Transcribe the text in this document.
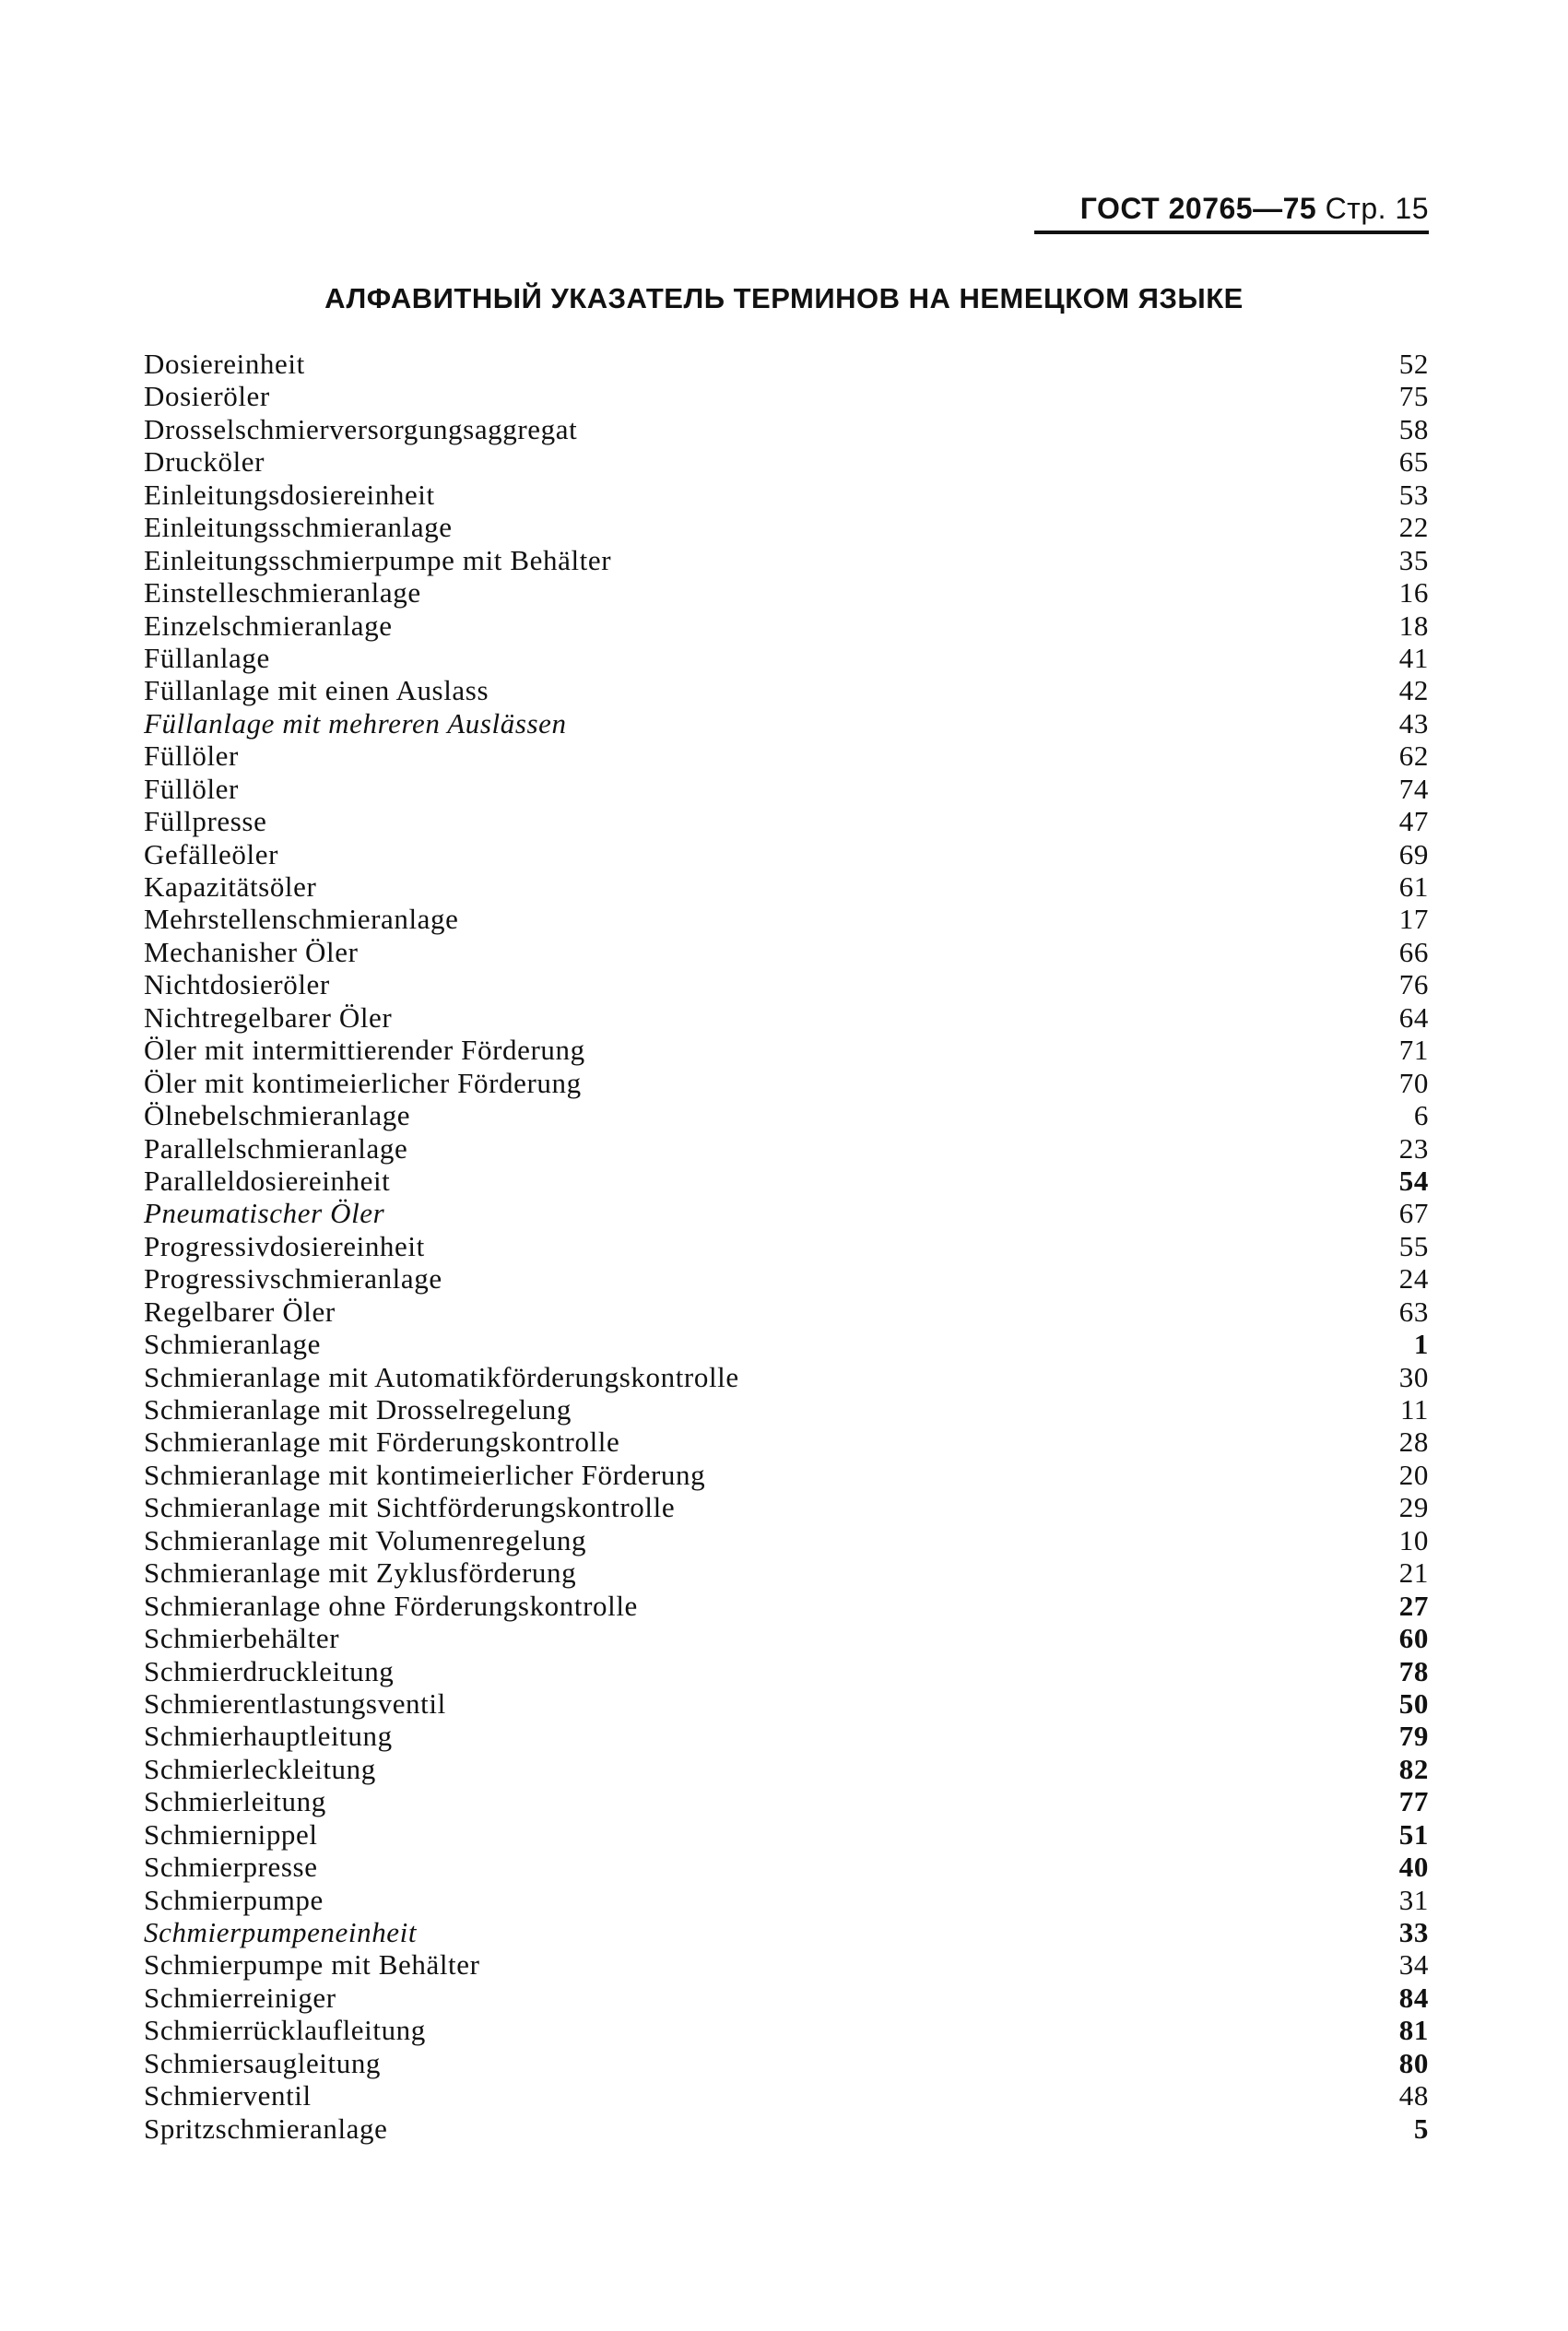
ГОСТ 20765—75 Стр. 15
АЛФАВИТНЫЙ УКАЗАТЕЛЬ ТЕРМИНОВ НА НЕМЕЦКОМ ЯЗЫКЕ
Dosiereinheit	52
Dosieröler	75
Drosselschmierversorgungsaggregat	58
Drucköler	65
Einleitungsdosiereinheit	53
Einleitungsschmieranlage	22
Einleitungsschmierpumpe mit Behälter	35
Einstelleschmieranlage	16
Einzelschmieranlage	18
Füllanlage	41
Füllanlage mit einen Auslass	42
Füllanlage mit mehreren Auslässen	43
Füllöler	62
Füllöler	74
Füllpresse	47
Gefälleöler	69
Kapazitätsöler	61
Mehrstellenschmieranlage	17
Mechanisher Öler	66
Nichtdosieröler	76
Nichtregelbarer Öler	64
Öler mit intermittierender Förderung	71
Öler mit kontimeierlicher Förderung	70
Ölnebelschmieranlage	6
Parallelschmieranlage	23
Paralleldosiereinheit	54
Pneumatischer Öler	67
Progressivdosiereinheit	55
Progressivschmieranlage	24
Regelbarer Öler	63
Schmieranlage	1
Schmieranlage mit Automatikförderungskontrolle	30
Schmieranlage mit Drosselregelung	11
Schmieranlage mit Förderungskontrolle	28
Schmieranlage mit kontimeierlicher Förderung	20
Schmieranlage mit Sichtförderungskontrolle	29
Schmieranlage mit Volumenregelung	10
Schmieranlage mit Zyklusförderung	21
Schmieranlage ohne Förderungskontrolle	27
Schmierbehälter	60
Schmierdruckleitung	78
Schmierentlastungsventil	50
Schmierhauptleitung	79
Schmierleckleitung	82
Schmierleitung	77
Schmiernippel	51
Schmierpresse	40
Schmierpumpe	31
Schmierpumpeneinheit	33
Schmierpumpe mit Behälter	34
Schmierreiniger	84
Schmierrücklaufleitung	81
Schmiersaugleitung	80
Schmierventil	48
Spritzschmieranlage	5
